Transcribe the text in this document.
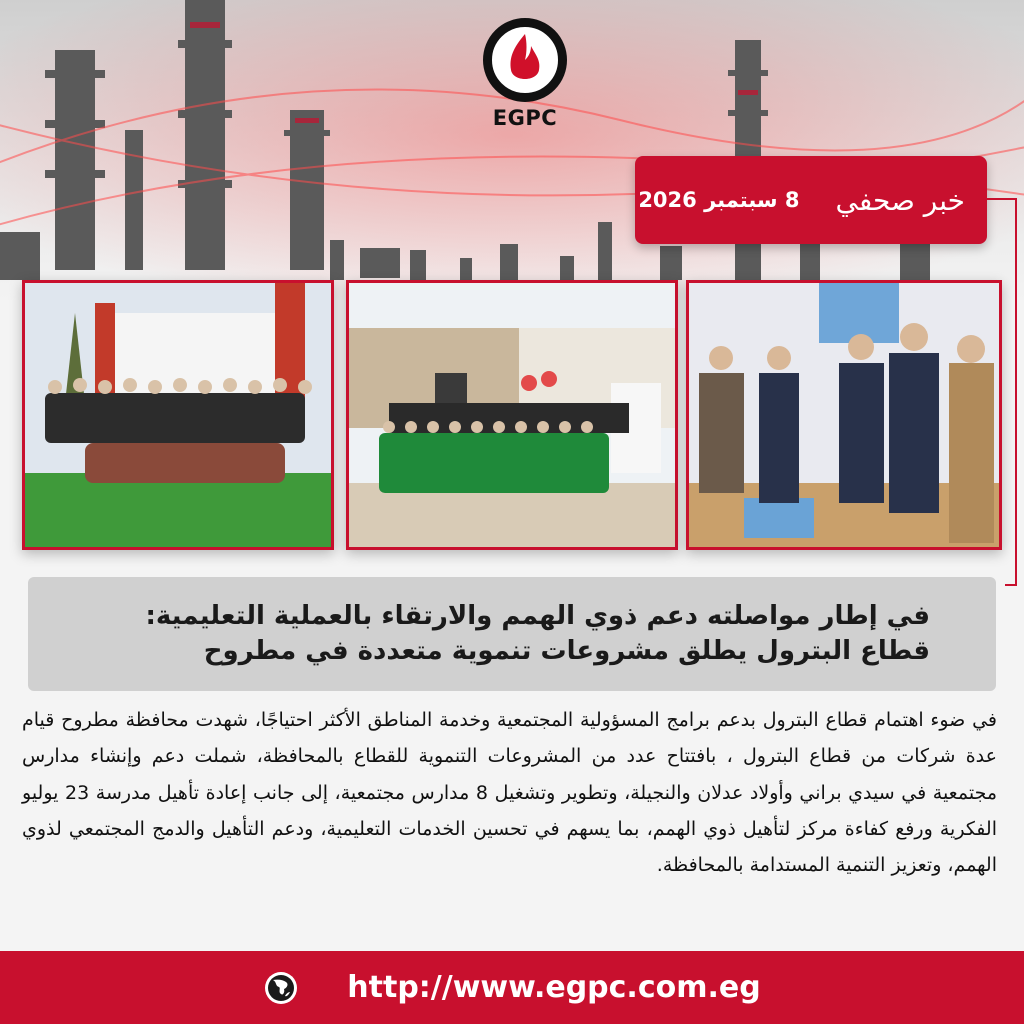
EGPC
خبر صحفي
8 سبتمبر 2026
في إطار مواصلته دعم ذوي الهمم والارتقاء بالعملية التعليمية:
قطاع البترول يطلق مشروعات تنموية متعددة في مطروح
في ضوء اهتمام قطاع البترول بدعم برامج المسؤولية المجتمعية وخدمة المناطق الأكثر احتياجًا، شهدت محافظة مطروح قيام عدة شركات من قطاع البترول ، بافتتاح عدد من المشروعات التنموية للقطاع بالمحافظة، شملت دعم وإنشاء مدارس مجتمعية في سيدي براني وأولاد عدلان والنجيلة، وتطوير وتشغيل 8 مدارس مجتمعية، إلى جانب إعادة تأهيل مدرسة 23 يوليو الفكرية ورفع كفاءة مركز لتأهيل ذوي الهمم، بما يسهم في تحسين الخدمات التعليمية، ودعم التأهيل والدمج المجتمعي لذوي الهمم، وتعزيز التنمية المستدامة بالمحافظة.
http://www.egpc.com.eg
